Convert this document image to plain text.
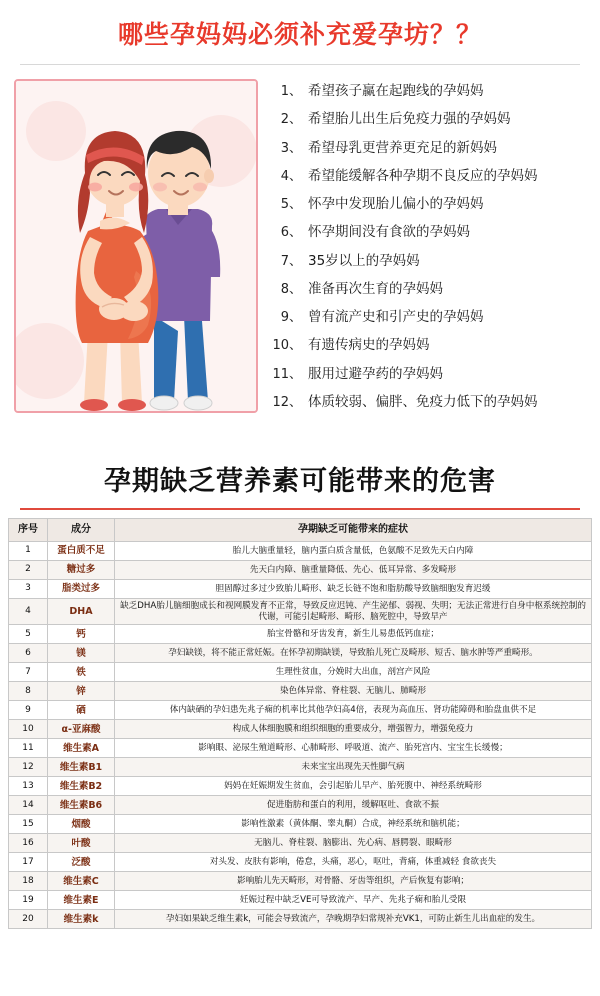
哪些孕妈妈必须补充爱孕坊？？
1、 希望孩子赢在起跑线的孕妈妈
2、 希望胎儿出生后免疫力强的孕妈妈
3、 希望母乳更营养更充足的新妈妈
4、 希望能缓解各种孕期不良反应的孕妈妈
5、 怀孕中发现胎儿偏小的孕妈妈
6、 怀孕期间没有食欲的孕妈妈
7、 35岁以上的孕妈妈
8、 准备再次生育的孕妈妈
9、 曾有流产史和引产史的孕妈妈
10、 有遗传病史的孕妈妈
11、 服用过避孕药的孕妈妈
12、 体质较弱、偏胖、免疫力低下的孕妈妈
孕期缺乏营养素可能带来的危害
序号	成分	孕期缺乏可能带来的症状
1	蛋白质不足	胎儿大脑重量轻，脑内蛋白质含量低，色氨酸不足致先天白内障
2	糖过多	先天白内障、脑重量降低、先心、低耳异常、多发畸形
3	脂类过多	胆固醇过多过少致胎儿畸形、缺乏长链不饱和脂肪酸导致脑细胞发育迟缓
4	DHA	缺乏DHA胎儿脑细胞成长和视网膜发育不正常，导致反应迟钝、产生泌郁、弱视、失明；无法正常进行自身中枢系统控制的代谢，可能引起畸形、畸形、脑死腔中，导致早产
5	钙	胎宝骨骼和牙齿发育，新生儿易患低钙血症；
6	镁	孕妇缺镁，将不能正常妊娠。在怀孕初期缺镁，导致胎儿死亡及畸形、短舌、脑水肿等严重畸形。
7	铁	生理性贫血，分娩时大出血，剖宫产风险
8	锌	染色体异常、脊柱裂、无脑儿、肺畸形
9	硒	体内缺硒的孕妇患先兆子痫的机率比其他孕妇高4倍，表现为高血压、肾功能障碍和胎盘血供不足
10	α-亚麻酸	构成人体细胞膜和组织细胞的重要成分，增强智力，增强免疫力
11	维生素A	影响眼、泌尿生殖道畸形、心肺畸形、呼吸道、流产、胎死宫内、宝宝生长缓慢；
12	维生素B1	未来宝宝出现先天性脚气病
13	维生素B2	妈妈在妊娠期发生贫血，会引起胎儿早产、胎死腹中、神经系统畸形
14	维生素B6	促进脂肪和蛋白的利用，缓解呕吐、食欲不振
15	烟酸	影响性激素（黄体酮、睾丸酮）合成，神经系统和脑机能；
16	叶酸	无脑儿、脊柱裂、脑膨出、先心病、唇腭裂、眼畸形
17	泛酸	对头发、皮肤有影响，倦怠，头痛，恶心，呕吐，背痛，体重减轻 食欲丧失
18	维生素C	影响胎儿先天畸形，对骨骼、牙齿等组织，产后恢复有影响；
19	维生素E	妊娠过程中缺乏VE可导致流产、早产、先兆子痫和胎儿受限
20	维生素k	孕妇如果缺乏维生素k，可能会导致流产，孕晚期孕妇常规补充VK1，可防止新生儿出血症的发生。
